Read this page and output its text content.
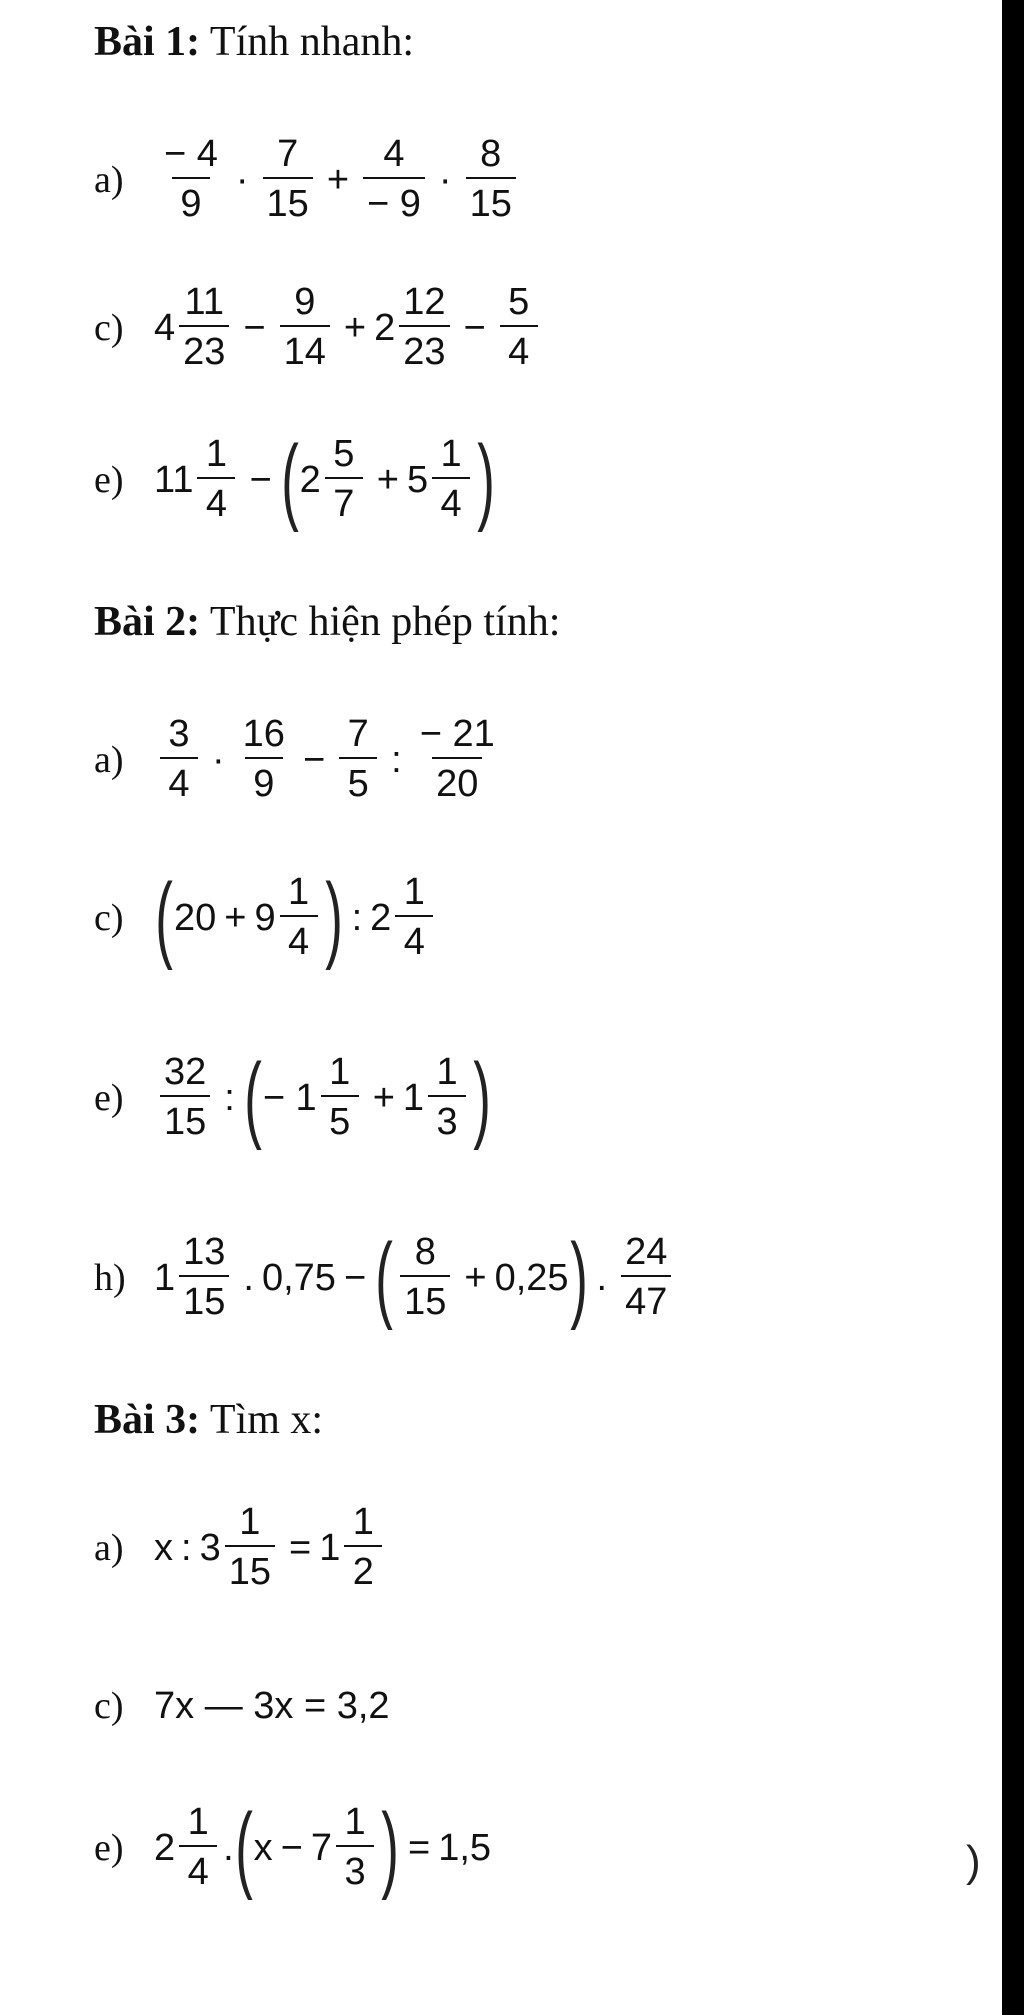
Bài 1: Tính nhanh:
$a) \frac{- 4}{9} \cdot \frac{7}{15} + \frac{4}{- 9} \cdot \frac{8}{15}$
c) $4 \frac{11}{23} - \frac{9}{14} + 2 \frac{12}{23} - \frac{5}{4}$
e) $11 \frac{1}{4}$ − ( $2 \frac{5}{7} + 5 \frac{1}{4}$ )
Bài 2: Thực hiện phép tính:
$a) \frac{3}{4} \cdot \frac{16}{9} - \frac{7}{5}$ : $\frac{- 21}{20}$
c) ( $20 + 9 \frac{1}{4}$ ) : $2 \frac{1}{4}$
$e) \frac{32}{15}$ : ( − $1 \frac{1}{5} + 1 \frac{1}{3}$ )
h) $1 \frac{13}{15}$ . 0,75 − ( $\frac{8}{15} + 0,25$ ) . $\frac{24}{47}$
Bài 3: Tìm x:
a) x : $3 \frac{1}{15} = 1 \frac{1}{2}$
c) 7x — 3x = 3,2
e) $2 \frac{1}{4}$ . ( $x - 7 \frac{1}{3}$ ) = 1,5	)
